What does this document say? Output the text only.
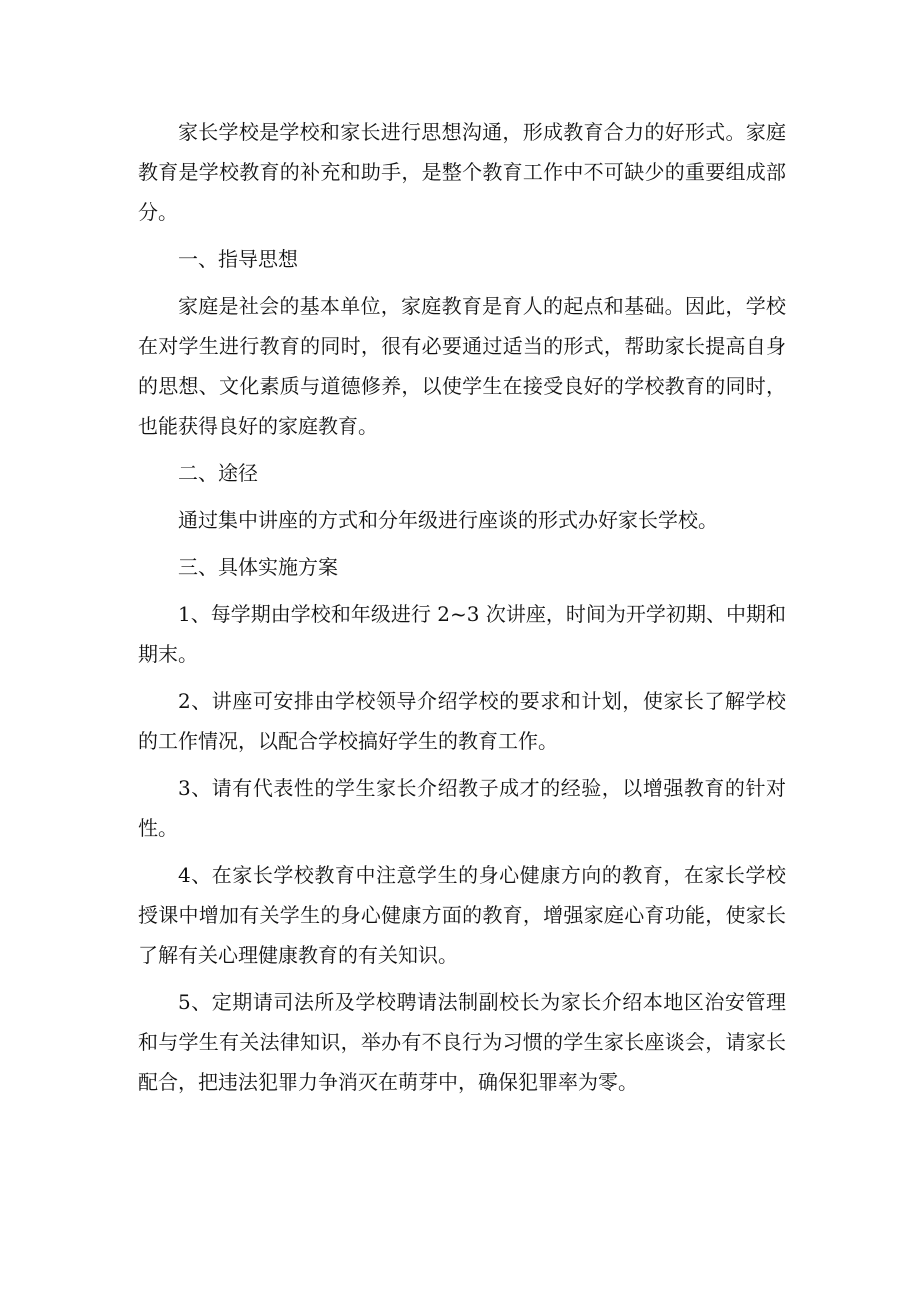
家长学校是学校和家长进行思想沟通，形成教育合力的好形式。家庭教育是学校教育的补充和助手，是整个教育工作中不可缺少的重要组成部分。

一、指导思想

家庭是社会的基本单位，家庭教育是育人的起点和基础。因此，学校在对学生进行教育的同时，很有必要通过适当的形式，帮助家长提高自身的思想、文化素质与道德修养，以使学生在接受良好的学校教育的同时，也能获得良好的家庭教育。

二、途径

通过集中讲座的方式和分年级进行座谈的形式办好家长学校。

三、具体实施方案

1、每学期由学校和年级进行 2~3 次讲座，时间为开学初期、中期和期末。

2、讲座可安排由学校领导介绍学校的要求和计划，使家长了解学校的工作情况，以配合学校搞好学生的教育工作。

3、请有代表性的学生家长介绍教子成才的经验，以增强教育的针对性。

4、在家长学校教育中注意学生的身心健康方向的教育，在家长学校授课中增加有关学生的身心健康方面的教育，增强家庭心育功能，使家长了解有关心理健康教育的有关知识。

5、定期请司法所及学校聘请法制副校长为家长介绍本地区治安管理和与学生有关法律知识，举办有不良行为习惯的学生家长座谈会，请家长配合，把违法犯罪力争消灭在萌芽中，确保犯罪率为零。
